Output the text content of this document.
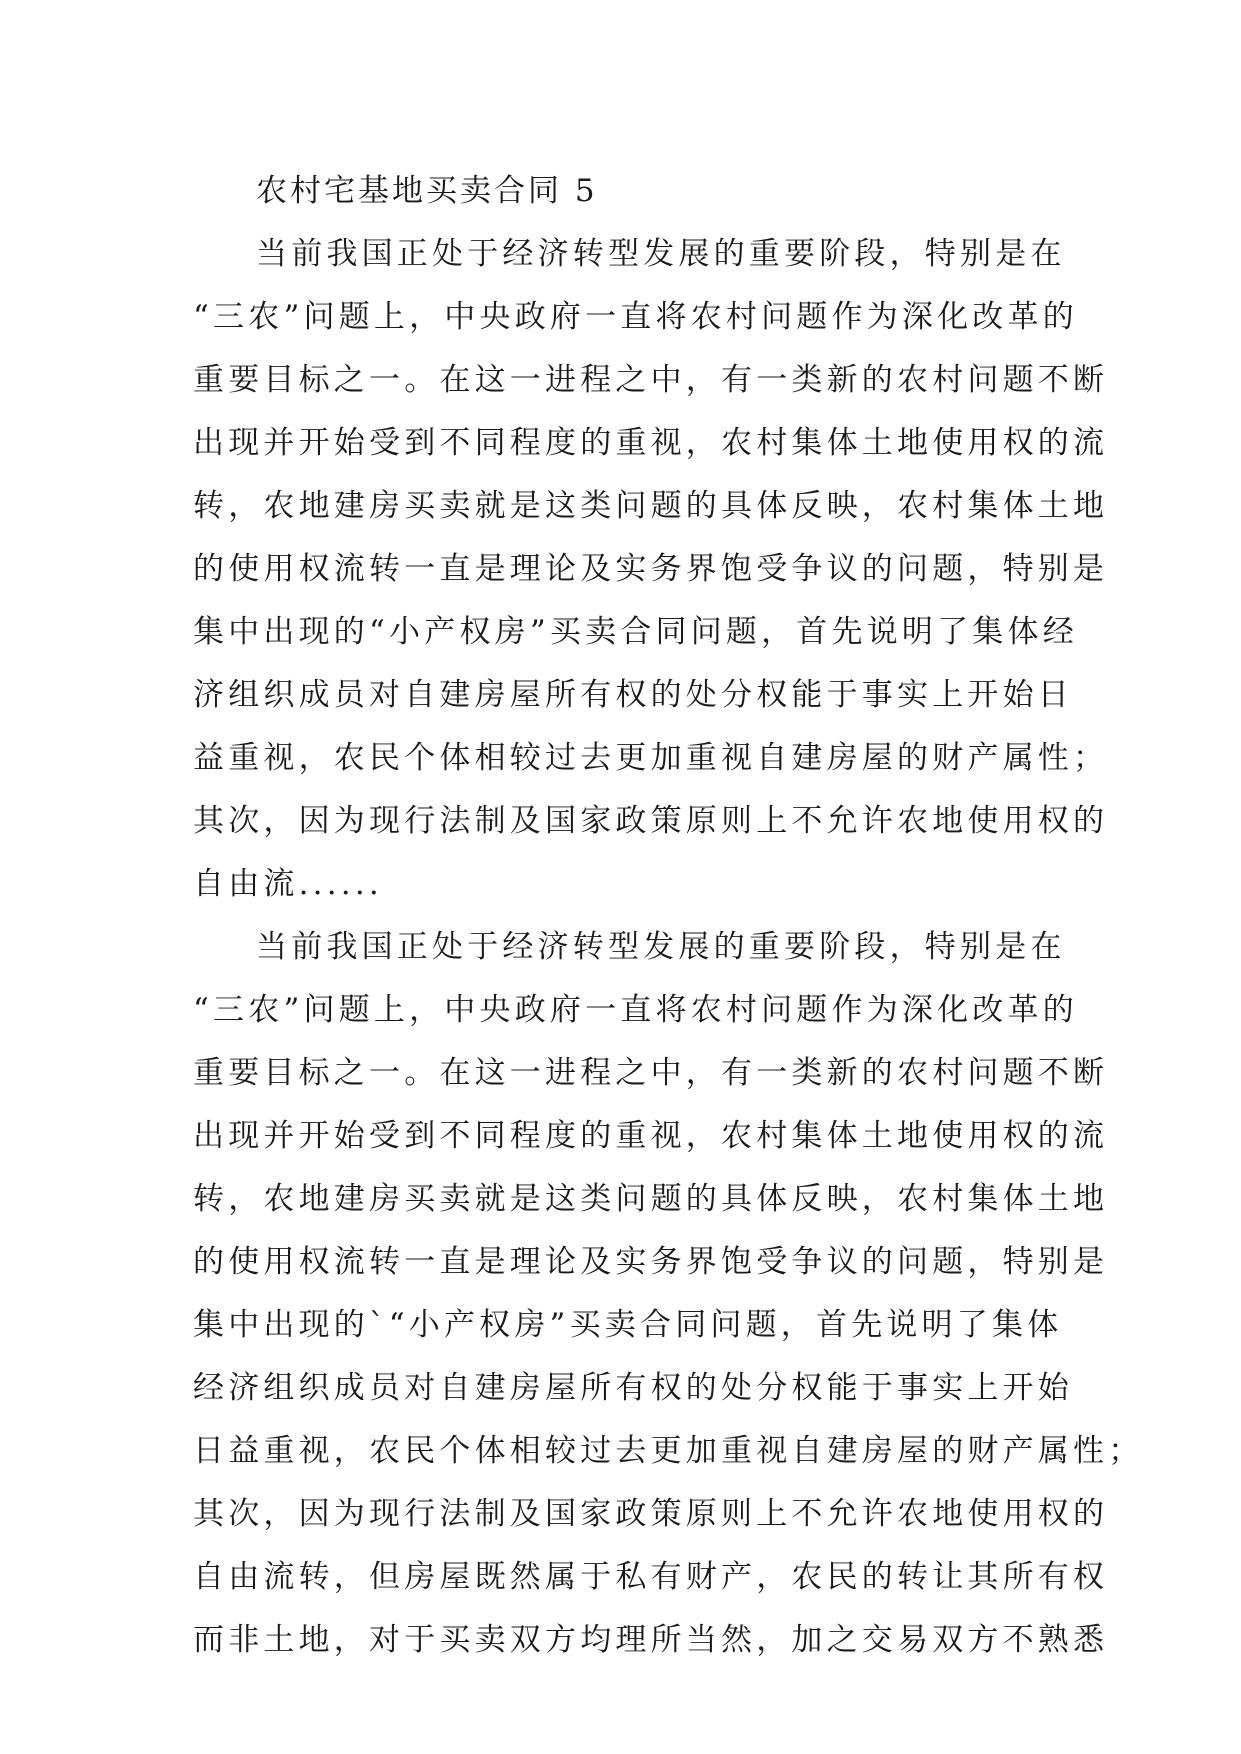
农村宅基地买卖合同 5
当前我国正处于经济转型发展的重要阶段，特别是在
“三农”问题上，中央政府一直将农村问题作为深化改革的
重要目标之一。在这一进程之中，有一类新的农村问题不断
出现并开始受到不同程度的重视，农村集体土地使用权的流
转，农地建房买卖就是这类问题的具体反映，农村集体土地
的使用权流转一直是理论及实务界饱受争议的问题，特别是
集中出现的“小产权房”买卖合同问题，首先说明了集体经
济组织成员对自建房屋所有权的处分权能于事实上开始日
益重视，农民个体相较过去更加重视自建房屋的财产属性；
其次，因为现行法制及国家政策原则上不允许农地使用权的
自由流......
当前我国正处于经济转型发展的重要阶段，特别是在
“三农”问题上，中央政府一直将农村问题作为深化改革的
重要目标之一。在这一进程之中，有一类新的农村问题不断
出现并开始受到不同程度的重视，农村集体土地使用权的流
转，农地建房买卖就是这类问题的具体反映，农村集体土地
的使用权流转一直是理论及实务界饱受争议的问题，特别是
集中出现的`“小产权房”买卖合同问题，首先说明了集体
经济组织成员对自建房屋所有权的处分权能于事实上开始
日益重视，农民个体相较过去更加重视自建房屋的财产属性；
其次，因为现行法制及国家政策原则上不允许农地使用权的
自由流转，但房屋既然属于私有财产，农民的转让其所有权
而非土地，对于买卖双方均理所当然，加之交易双方不熟悉
